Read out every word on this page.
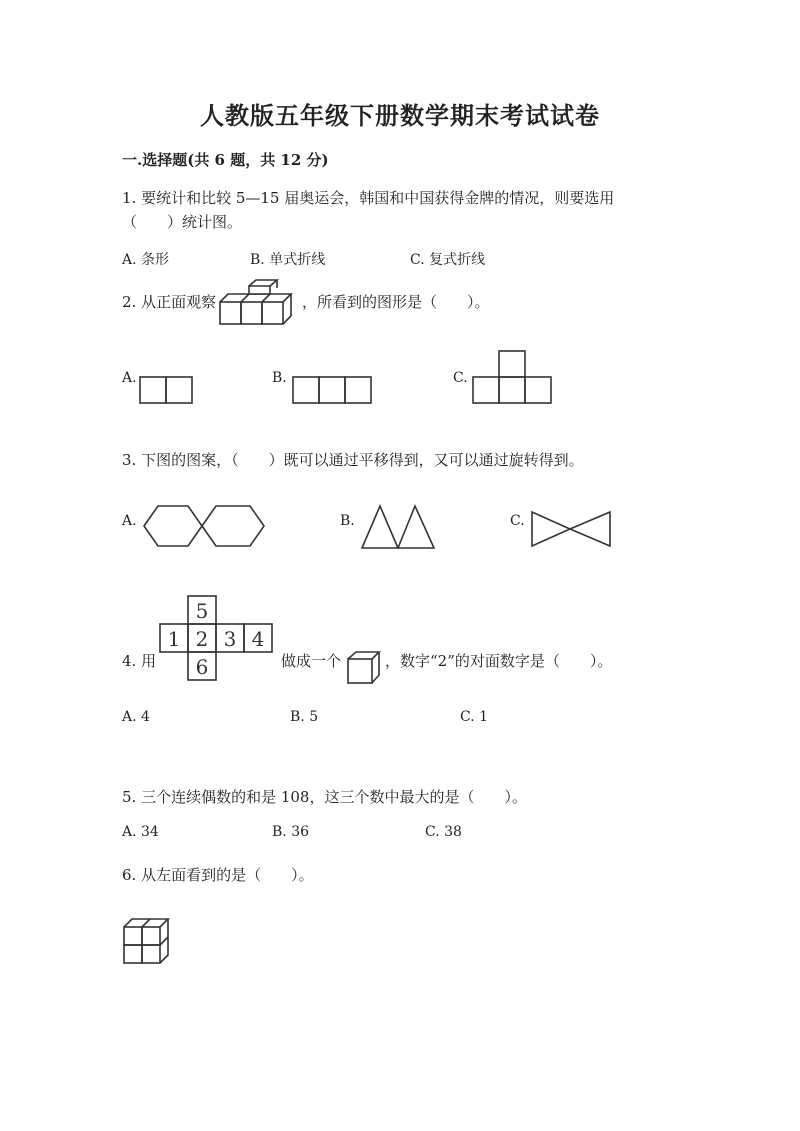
人教版五年级下册数学期末考试试卷
一.选择题(共 6 题，共 12 分)
1. 要统计和比较 5—15 届奥运会，韩国和中国获得金牌的情况，则要选用
（　　）统计图。
A. 条形	B. 单式折线	C. 复式折线
2. 从正面观察	，所看到的图形是（　　）。
A.	B.	C.
3. 下图的图案，（　　）既可以通过平移得到，又可以通过旋转得到。
A.	B.	C.
4. 用
5
1 2 3 4
6	做成一个	，数字“2”的对面数字是（　　）。
A. 4	B. 5	C. 1
5. 三个连续偶数的和是 108，这三个数中最大的是（　　）。
A. 34	B. 36	C. 38
6. 从左面看到的是（　　）。
